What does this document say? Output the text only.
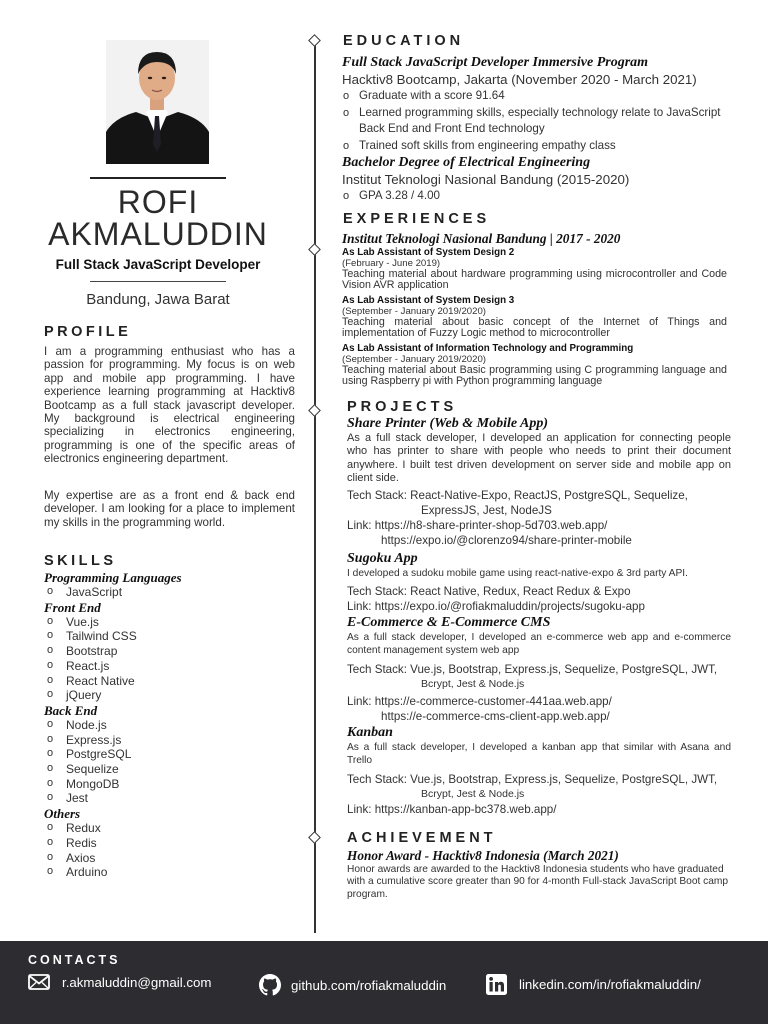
ROFI
AKMALUDDIN
Full Stack JavaScript Developer
Bandung, Jawa Barat
PROFILE

I am a programming enthusiast who has a passion for programming. My focus is on web app and mobile app programming. I have experience learning programming at Hacktiv8 Bootcamp as a full stack javascript developer. My background is electrical engineering specializing in electronics engineering, programming is one of the specific areas of electronics engineering department.

My expertise are as a front end & back end developer. I am looking for a place to implement my skills in the programming world.

SKILLS
Programming Languages
o JavaScript
Front End
o Vue.js
o Tailwind CSS
o Bootstrap
o React.js
o React Native
o jQuery
Back End
o Node.js
o Express.js
o PostgreSQL
o Sequelize
o MongoDB
o Jest
Others
o Redux
o Redis
o Axios
o Arduino
EDUCATION
Full Stack JavaScript Developer Immersive Program
Hacktiv8 Bootcamp, Jakarta (November 2020 - March 2021)
o Graduate with a score 91.64
o Learned programming skills, especially technology relate to JavaScript Back End and Front End technology
o Trained soft skills from engineering empathy class
Bachelor Degree of Electrical Engineering
Institut Teknologi Nasional Bandung (2015-2020)
o GPA 3.28 / 4.00
EXPERIENCES
Institut Teknologi Nasional Bandung | 2017 - 2020
As Lab Assistant of System Design 2
(February - June 2019)
Teaching material about hardware programming using microcontroller and Code Vision AVR application
As Lab Assistant of System Design 3
(September - January 2019/2020)
Teaching material about basic concept of the Internet of Things and implementation of Fuzzy Logic method to microcontroller
As Lab Assistant of Information Technology and Programming
(September - January 2019/2020)
Teaching material about Basic programming using C programming language and using Raspberry pi with Python programming language
PROJECTS
Share Printer (Web & Mobile App)
As a full stack developer, I developed an application for connecting people who has printer to share with people who needs to print their document anywhere. I built test driven development on server side and mobile app on client side.
Tech Stack: React-Native-Expo, ReactJS, PostgreSQL, Sequelize,
ExpressJS, Jest, NodeJS
Link: https://h8-share-printer-shop-5d703.web.app/
https://expo.io/@clorenzo94/share-printer-mobile
Sugoku App
I developed a sudoku mobile game using react-native-expo & 3rd party API.
Tech Stack: React Native, Redux, React Redux & Expo
Link: https://expo.io/@rofiakmaluddin/projects/sugoku-app
E-Commerce & E-Commerce CMS
As a full stack developer, I developed an e-commerce web app and e-commerce content management system web app
Tech Stack: Vue.js, Bootstrap, Express.js, Sequelize, PostgreSQL, JWT,
Bcrypt, Jest & Node.js
Link: https://e-commerce-customer-441aa.web.app/
https://e-commerce-cms-client-app.web.app/
Kanban
As a full stack developer, I developed a kanban app that similar with Asana and Trello
Tech Stack: Vue.js, Bootstrap, Express.js, Sequelize, PostgreSQL, JWT,
Bcrypt, Jest & Node.js
Link: https://kanban-app-bc378.web.app/
ACHIEVEMENT
Honor Award - Hacktiv8 Indonesia (March 2021)
Honor awards are awarded to the Hacktiv8 Indonesia students who have graduated with a cumulative score greater than 90 for 4-month Full-stack JavaScript Boot camp program.
CONTACTS
r.akmaluddin@gmail.com	github.com/rofiakmaluddin	linkedin.com/in/rofiakmaluddin/
